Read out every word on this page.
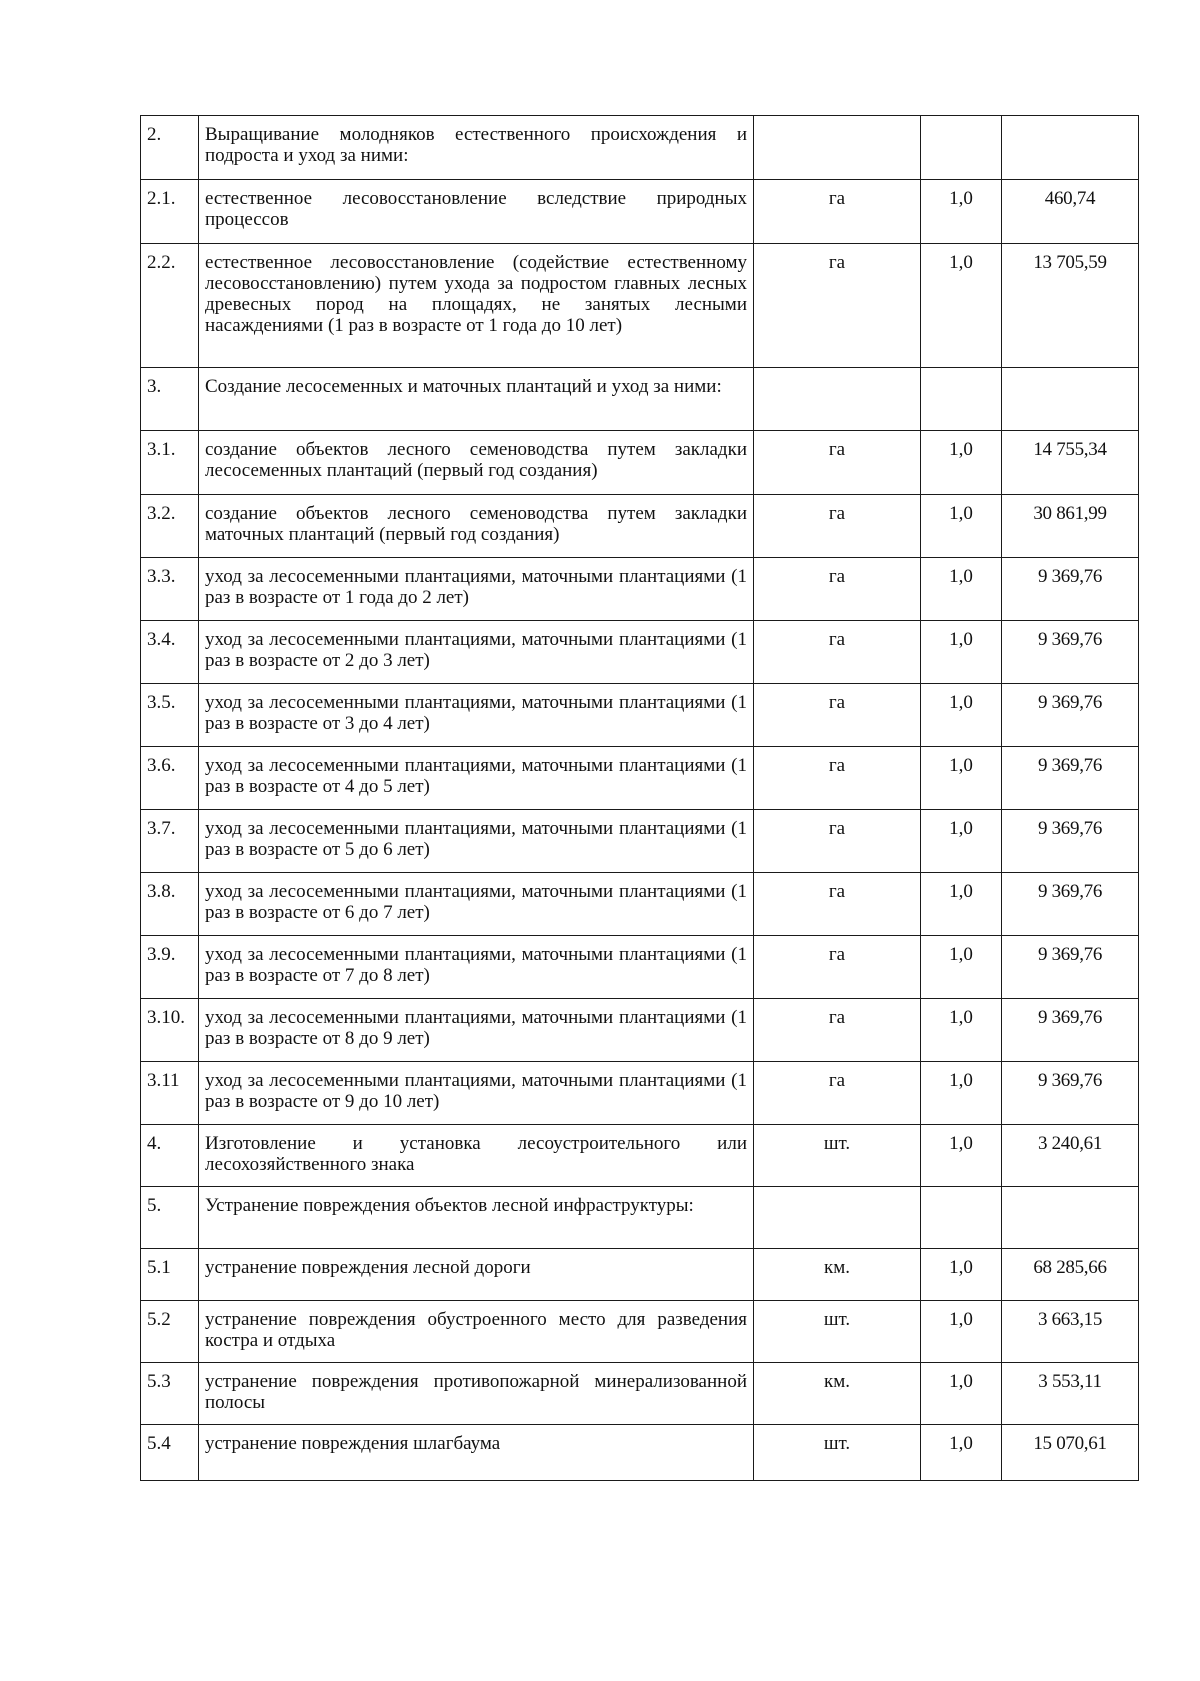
2.	Выращивание молодняков естественного происхождения и подроста и уход за ними:			
2.1.	естественное лесовосстановление вследствие природных процессов	га	1,0	460,74
2.2.	естественное лесовосстановление (содействие естественному лесовосстановлению) путем ухода за подростом главных лесных древесных пород на площадях, не занятых лесными насаждениями (1 раз в возрасте от 1 года до 10 лет)	га	1,0	13 705,59
3.	Создание лесосеменных и маточных плантаций и уход за ними:			
3.1.	создание объектов лесного семеноводства путем закладки лесосеменных плантаций (первый год создания)	га	1,0	14 755,34
3.2.	создание объектов лесного семеноводства путем закладки маточных плантаций (первый год создания)	га	1,0	30 861,99
3.3.	уход за лесосеменными плантациями, маточными плантациями (1 раз в возрасте от 1 года до 2 лет)	га	1,0	9 369,76
3.4.	уход за лесосеменными плантациями, маточными плантациями (1 раз в возрасте от 2 до 3 лет)	га	1,0	9 369,76
3.5.	уход за лесосеменными плантациями, маточными плантациями (1 раз в возрасте от 3 до 4 лет)	га	1,0	9 369,76
3.6.	уход за лесосеменными плантациями, маточными плантациями (1 раз в возрасте от 4 до 5 лет)	га	1,0	9 369,76
3.7.	уход за лесосеменными плантациями, маточными плантациями (1 раз в возрасте от 5 до 6 лет)	га	1,0	9 369,76
3.8.	уход за лесосеменными плантациями, маточными плантациями (1 раз в возрасте от 6 до 7 лет)	га	1,0	9 369,76
3.9.	уход за лесосеменными плантациями, маточными плантациями (1 раз в возрасте от 7 до 8 лет)	га	1,0	9 369,76
3.10.	уход за лесосеменными плантациями, маточными плантациями (1 раз в возрасте от 8 до 9 лет)	га	1,0	9 369,76
3.11	уход за лесосеменными плантациями, маточными плантациями (1 раз в возрасте от 9 до 10 лет)	га	1,0	9 369,76
4.	Изготовление и установка лесоустроительного или лесохозяйственного знака	шт.	1,0	3 240,61
5.	Устранение повреждения объектов лесной инфраструктуры:			
5.1	устранение повреждения лесной дороги	км.	1,0	68 285,66
5.2	устранение повреждения обустроенного место для разведения костра и отдыха	шт.	1,0	3 663,15
5.3	устранение повреждения противопожарной минерализованной полосы	км.	1,0	3 553,11
5.4	устранение повреждения шлагбаума	шт.	1,0	15 070,61
